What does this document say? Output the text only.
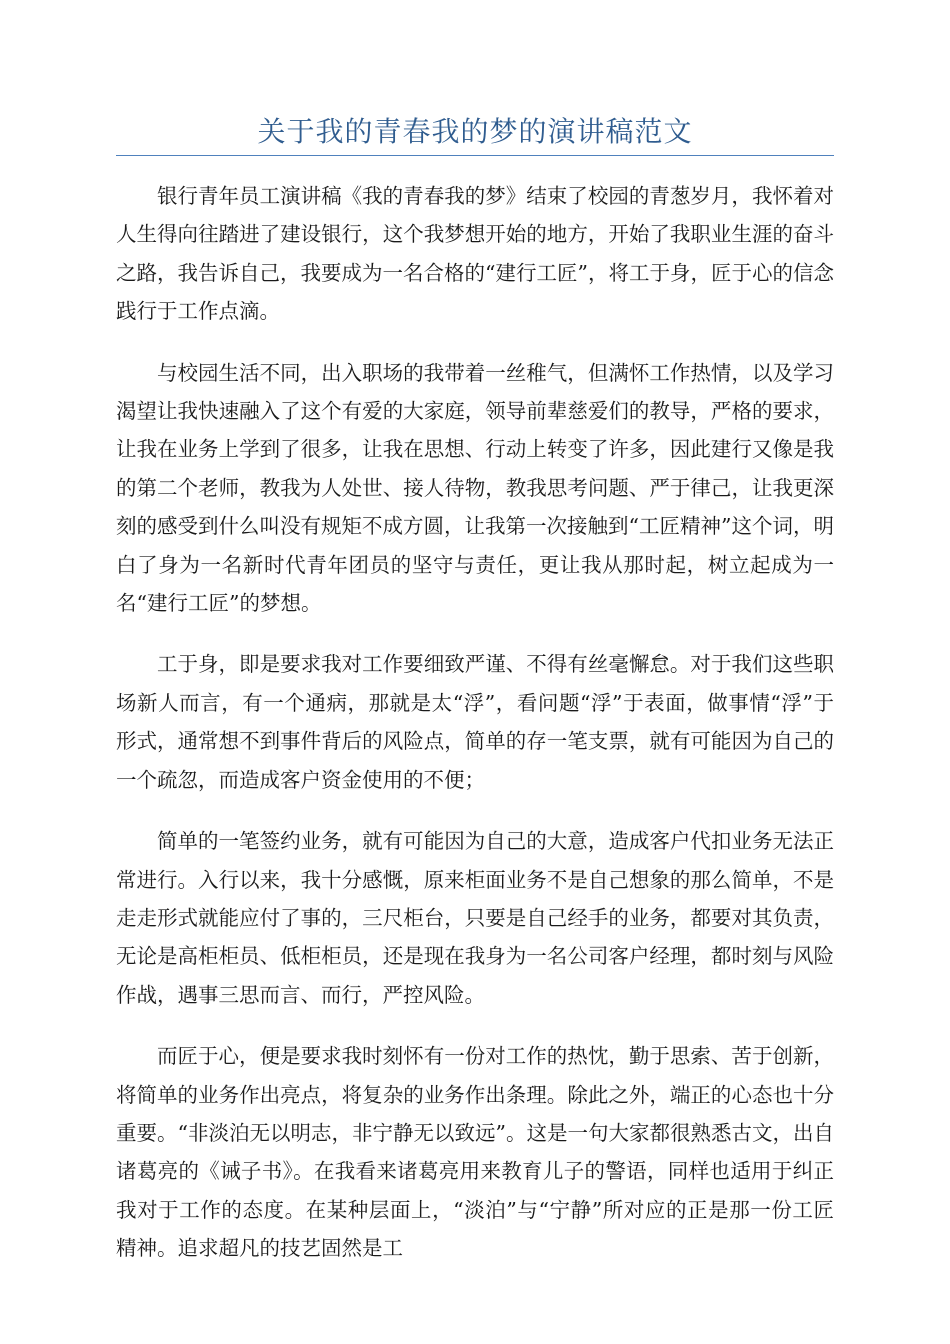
关于我的青春我的梦的演讲稿范文

银行青年员工演讲稿《我的青春我的梦》结束了校园的青葱岁月，我怀着对人生得向往踏进了建设银行，这个我梦想开始的地方，开始了我职业生涯的奋斗之路，我告诉自己，我要成为一名合格的“建行工匠”，将工于身，匠于心的信念践行于工作点滴。

与校园生活不同，出入职场的我带着一丝稚气，但满怀工作热情，以及学习渴望让我快速融入了这个有爱的大家庭，领导前辈慈爱们的教导，严格的要求，让我在业务上学到了很多，让我在思想、行动上转变了许多，因此建行又像是我的第二个老师，教我为人处世、接人待物，教我思考问题、严于律己，让我更深刻的感受到什么叫没有规矩不成方圆，让我第一次接触到“工匠精神”这个词，明白了身为一名新时代青年团员的坚守与责任，更让我从那时起，树立起成为一名“建行工匠”的梦想。

工于身，即是要求我对工作要细致严谨、不得有丝毫懈怠。对于我们这些职场新人而言，有一个通病，那就是太“浮”，看问题“浮”于表面，做事情“浮”于形式，通常想不到事件背后的风险点，简单的存一笔支票，就有可能因为自己的一个疏忽，而造成客户资金使用的不便；

简单的一笔签约业务，就有可能因为自己的大意，造成客户代扣业务无法正常进行。入行以来，我十分感慨，原来柜面业务不是自己想象的那么简单，不是走走形式就能应付了事的，三尺柜台，只要是自己经手的业务，都要对其负责，无论是高柜柜员、低柜柜员，还是现在我身为一名公司客户经理，都时刻与风险作战，遇事三思而言、而行，严控风险。

而匠于心，便是要求我时刻怀有一份对工作的热忱，勤于思索、苦于创新，将简单的业务作出亮点，将复杂的业务作出条理。除此之外，端正的心态也十分重要。“非淡泊无以明志，非宁静无以致远”。这是一句大家都很熟悉古文，出自诸葛亮的《诫子书》。在我看来诸葛亮用来教育儿子的警语，同样也适用于纠正我对于工作的态度。在某种层面上，“淡泊”与“宁静”所对应的正是那一份工匠精神。追求超凡的技艺固然是工
